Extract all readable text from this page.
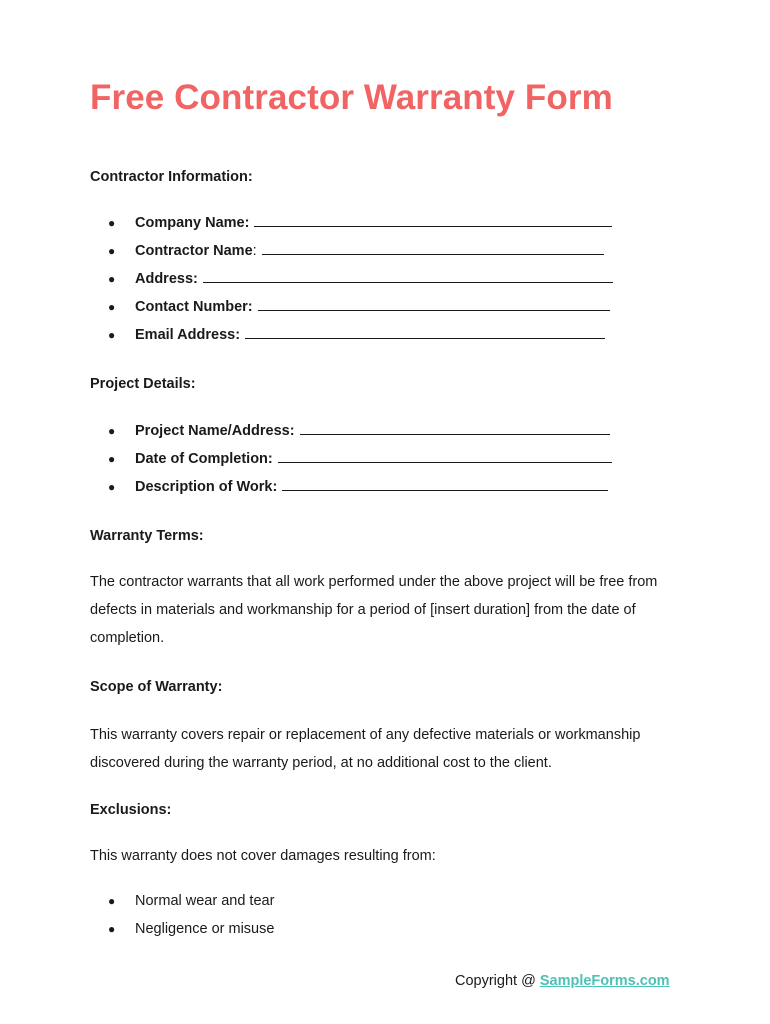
Free Contractor Warranty Form
Contractor Information:
●	Company Name:
●	Contractor Name:
●	Address:
●	Contact Number:
●	Email Address:
Project Details:
●	Project Name/Address:
●	Date of Completion:
●	Description of Work:
Warranty Terms:

The contractor warrants that all work performed under the above project will be free from defects in materials and workmanship for a period of [insert duration] from the date of completion.

Scope of Warranty:

This warranty covers repair or replacement of any defective materials or workmanship discovered during the warranty period, at no additional cost to the client.

Exclusions:

This warranty does not cover damages resulting from:

●	Normal wear and tear
●	Negligence or misuse
Copyright @ SampleForms.com
